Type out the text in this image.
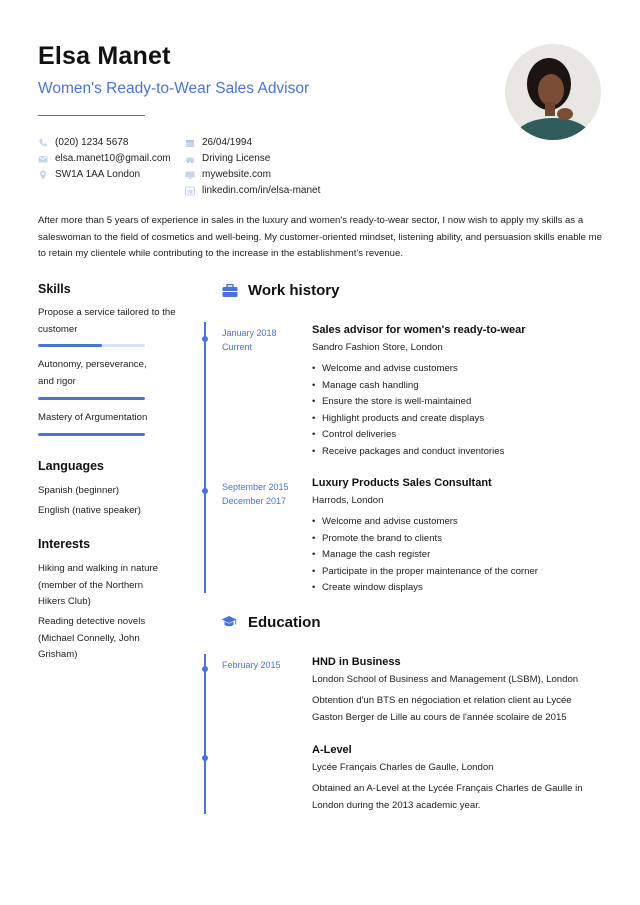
Elsa Manet
Women's Ready-to-Wear Sales Advisor
(020) 1234 5678
elsa.manet10@gmail.com
SW1A 1AA London
26/04/1994
Driving License
mywebsite.com
linkedin.com/in/elsa-manet
After more than 5 years of experience in sales in the luxury and women's ready-to-wear sector, I now wish to apply my skills as a saleswoman to the field of cosmetics and well-being. My customer-oriented mindset, listening ability, and persuasion skills enable me to retain my clientele while contributing to the increase in the establishment's revenue.
Skills
Propose a service tailored to the customer
Autonomy, perseverance, and rigor
Mastery of Argumentation
Languages
Spanish (beginner)
English (native speaker)
Interests
Hiking and walking in nature (member of the Northern Hikers Club)
Reading detective novels (Michael Connelly, John Grisham)
Work history
January 2018
Current
Sales advisor for women's ready-to-wear
Sandro Fashion Store, London
• Welcome and advise customers
• Manage cash handling
• Ensure the store is well-maintained
• Highlight products and create displays
• Control deliveries
• Receive packages and conduct inventories
September 2015
December 2017
Luxury Products Sales Consultant
Harrods, London
• Welcome and advise customers
• Promote the brand to clients
• Manage the cash register
• Participate in the proper maintenance of the corner
• Create window displays
Education
February 2015	HND in Business
London School of Business and Management (LSBM), London
Obtention d'un BTS en négociation et relation client au Lycée Gaston Berger de Lille au cours de l'année scolaire de 2015
A-Level
Lycée Français Charles de Gaulle, London
Obtained an A-Level at the Lycée Français Charles de Gaulle in London during the 2013 academic year.
